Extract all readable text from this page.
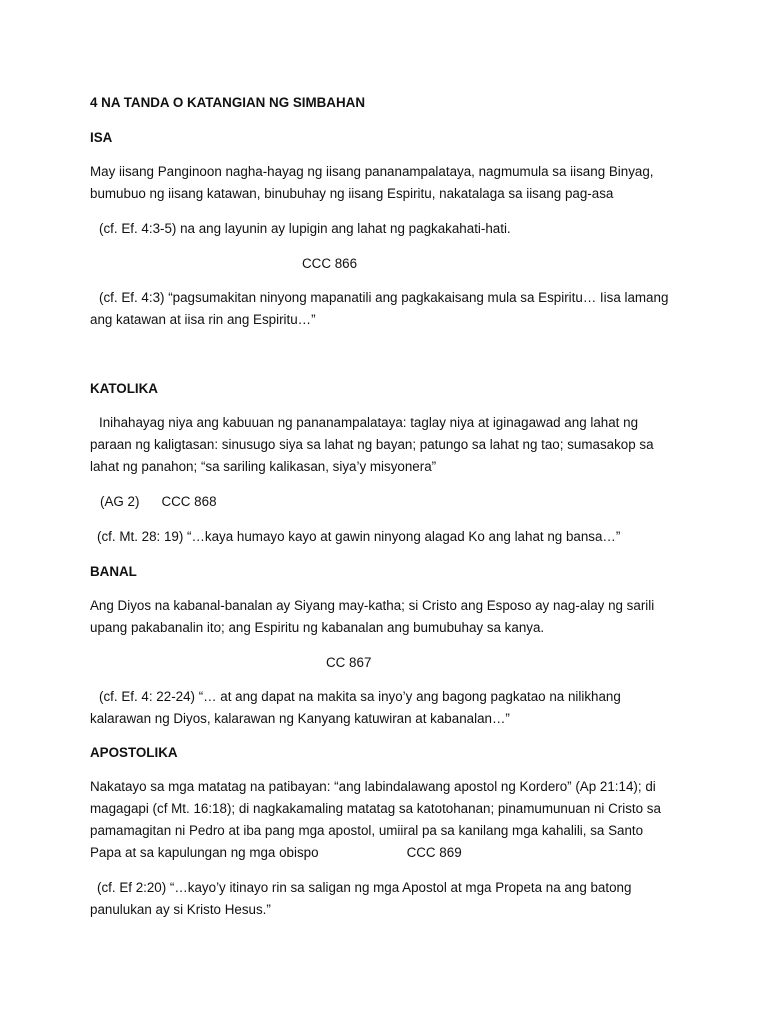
4 NA TANDA O KATANGIAN NG SIMBAHAN
ISA
May iisang Panginoon nagha-hayag ng iisang pananampalataya, nagmumula sa iisang Binyag,
bumubuo ng iisang katawan, binubuhay ng iisang Espiritu, nakatalaga sa iisang pag-asa
(cf. Ef. 4:3-5) na ang layunin ay lupigin ang lahat ng pagkakahati-hati.
CCC 866
(cf. Ef. 4:3) “pagsumakitan ninyong mapanatili ang pagkakaisang mula sa Espiritu… Iisa lamang
ang katawan at iisa rin ang Espiritu…”
KATOLIKA
Inihahayag niya ang kabuuan ng pananampalataya: taglay niya at iginagawad ang lahat ng
paraan ng kaligtasan: sinusugo siya sa lahat ng bayan; patungo sa lahat ng tao; sumasakop sa
lahat ng panahon; “sa sariling kalikasan, siya’y misyonera”
(AG 2) CCC 868
(cf. Mt. 28: 19) “…kaya humayo kayo at gawin ninyong alagad Ko ang lahat ng bansa…”
BANAL
Ang Diyos na kabanal-banalan ay Siyang may-katha; si Cristo ang Esposo ay nag-alay ng sarili
upang pakabanalin ito; ang Espiritu ng kabanalan ang bumubuhay sa kanya.
CC 867
(cf. Ef. 4: 22-24) “… at ang dapat na makita sa inyo’y ang bagong pagkatao na nilikhang
kalarawan ng Diyos, kalarawan ng Kanyang katuwiran at kabanalan…”
APOSTOLIKA
Nakatayo sa mga matatag na patibayan: “ang labindalawang apostol ng Kordero” (Ap 21:14); di
magagapi (cf Mt. 16:18); di nagkakamaling matatag sa katotohanan; pinamumunuan ni Cristo sa
pamamagitan ni Pedro at iba pang mga apostol, umiiral pa sa kanilang mga kahalili, sa Santo
Papa at sa kapulungan ng mga obispo	CCC 869
(cf. Ef 2:20) “…kayo’y itinayo rin sa saligan ng mga Apostol at mga Propeta na ang batong
panulukan ay si Kristo Hesus.”
